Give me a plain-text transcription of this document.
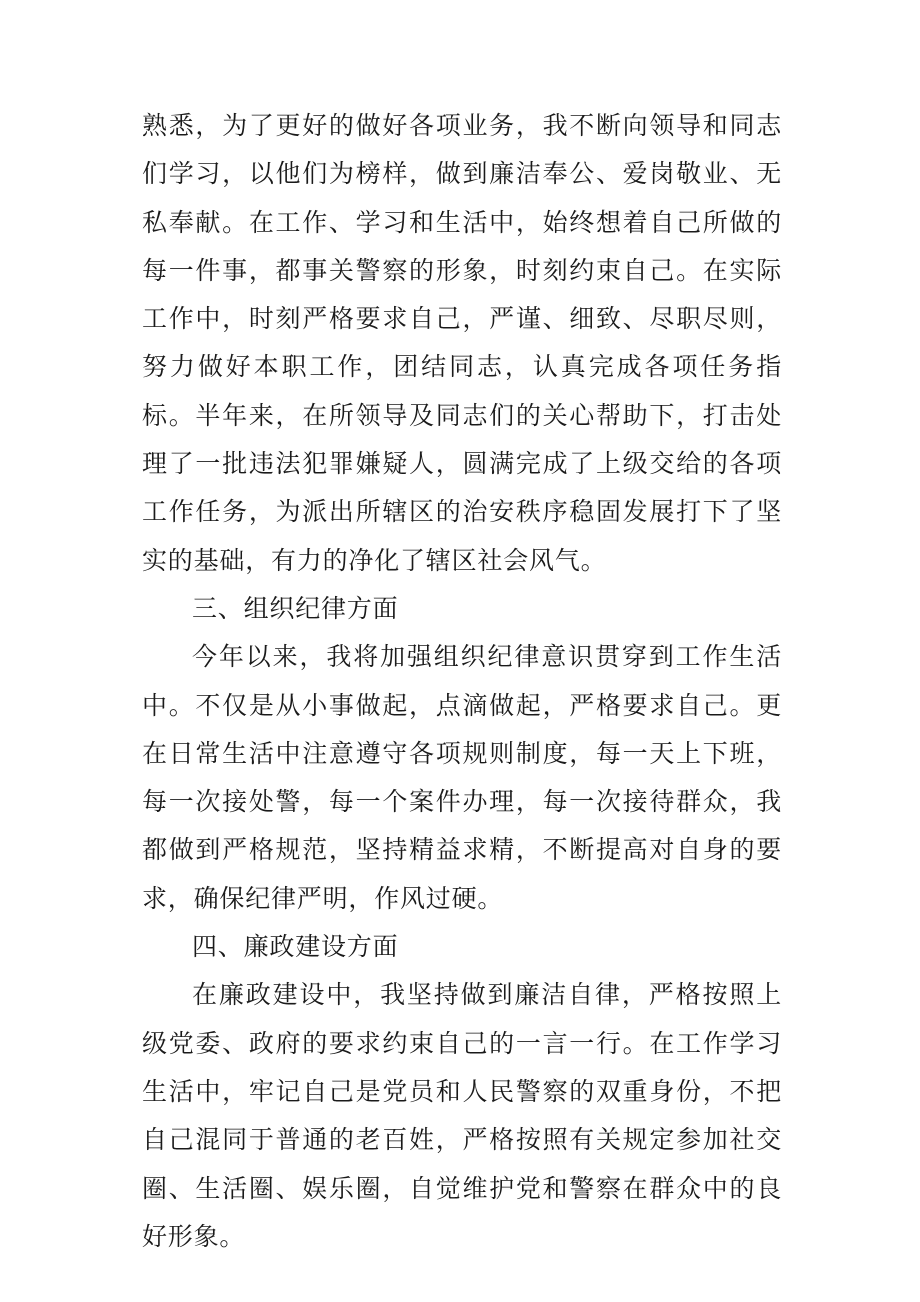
熟悉，为了更好的做好各项业务，我不断向领导和同志们学习，以他们为榜样，做到廉洁奉公、爱岗敬业、无私奉献。在工作、学习和生活中，始终想着自己所做的每一件事，都事关警察的形象，时刻约束自己。在实际工作中，时刻严格要求自己，严谨、细致、尽职尽则，努力做好本职工作，团结同志，认真完成各项任务指标。半年来，在所领导及同志们的关心帮助下，打击处理了一批违法犯罪嫌疑人，圆满完成了上级交给的各项工作任务，为派出所辖区的治安秩序稳固发展打下了坚实的基础，有力的净化了辖区社会风气。

三、组织纪律方面

今年以来，我将加强组织纪律意识贯穿到工作生活中。不仅是从小事做起，点滴做起，严格要求自己。更在日常生活中注意遵守各项规则制度，每一天上下班，每一次接处警，每一个案件办理，每一次接待群众，我都做到严格规范，坚持精益求精，不断提高对自身的要求，确保纪律严明，作风过硬。

四、廉政建设方面

在廉政建设中，我坚持做到廉洁自律，严格按照上级党委、政府的要求约束自己的一言一行。在工作学习生活中，牢记自己是党员和人民警察的双重身份，不把自己混同于普通的老百姓，严格按照有关规定参加社交圈、生活圈、娱乐圈，自觉维护党和警察在群众中的良好形象。
